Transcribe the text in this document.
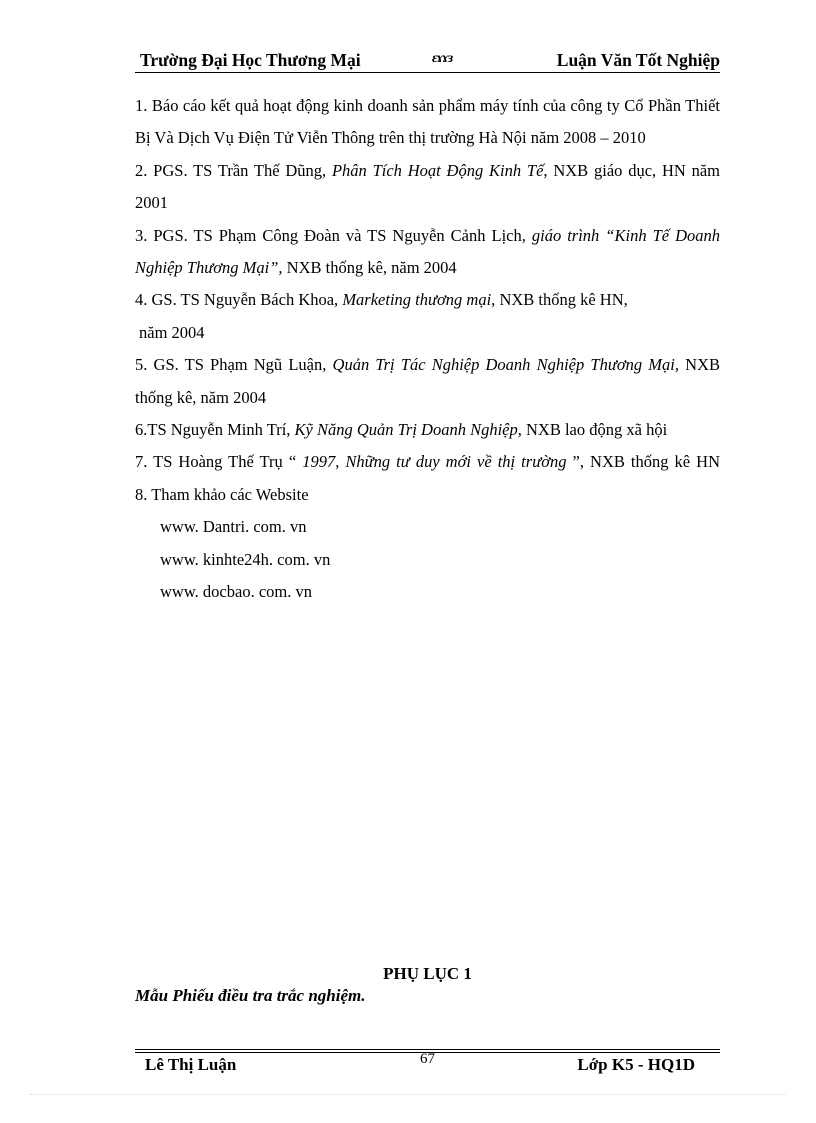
Trường Đại Học Thương Mại	ɛɤɤɜ	Luận Văn Tốt Nghiệp

1. Báo cáo kết quả hoạt động kinh doanh sản phẩm máy tính của công ty Cổ Phần Thiết Bị Và Dịch Vụ Điện Tử Viễn Thông trên thị trường Hà Nội năm 2008 – 2010

2. PGS. TS Trần Thế Dũng, Phân Tích Hoạt Động Kinh Tế, NXB giáo dục, HN năm 2001

3. PGS. TS Phạm Công Đoàn và TS Nguyễn Cảnh Lịch, giáo trình “Kinh Tế Doanh Nghiệp Thương Mại”, NXB thống kê, năm 2004

4. GS. TS Nguyễn Bách Khoa, Marketing thương mại, NXB thống kê HN,
năm 2004

5. GS. TS Phạm Ngũ Luận, Quản Trị Tác Nghiệp Doanh Nghiệp Thương Mại, NXB thống kê, năm 2004

6.TS Nguyễn Minh Trí, Kỹ Năng Quản Trị Doanh Nghiệp, NXB lao động xã hội

7. TS Hoàng Thế Trụ “ 1997, Những tư duy mới về thị trường ”, NXB thống kê HN

8. Tham khảo các Website

www. Dantri. com. vn

www. kinhte24h. com. vn

www. docbao. com. vn

PHỤ LỤC 1
Mẫu Phiếu điều tra trắc nghiệm.
Lê Thị Luận	67	Lớp K5 - HQ1D
